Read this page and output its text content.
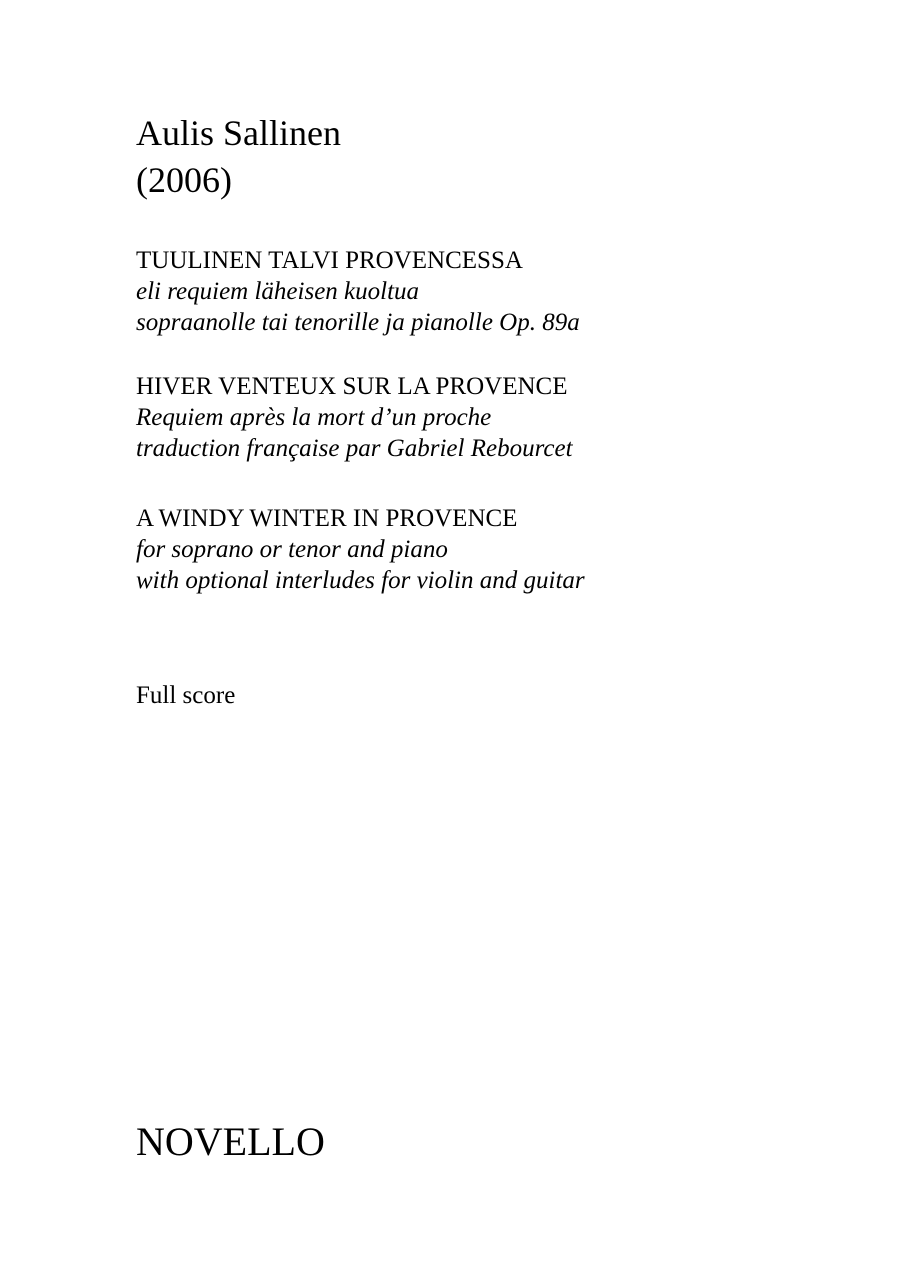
Aulis Sallinen
(2006)
TUULINEN TALVI PROVENCESSA
eli requiem läheisen kuoltua
sopraanolle tai tenorille ja pianolle Op. 89a
HIVER VENTEUX SUR LA PROVENCE
Requiem après la mort d’un proche
traduction française par Gabriel Rebourcet
A WINDY WINTER IN PROVENCE
for soprano or tenor and piano
with optional interludes for violin and guitar
Full score
NOVELLO
